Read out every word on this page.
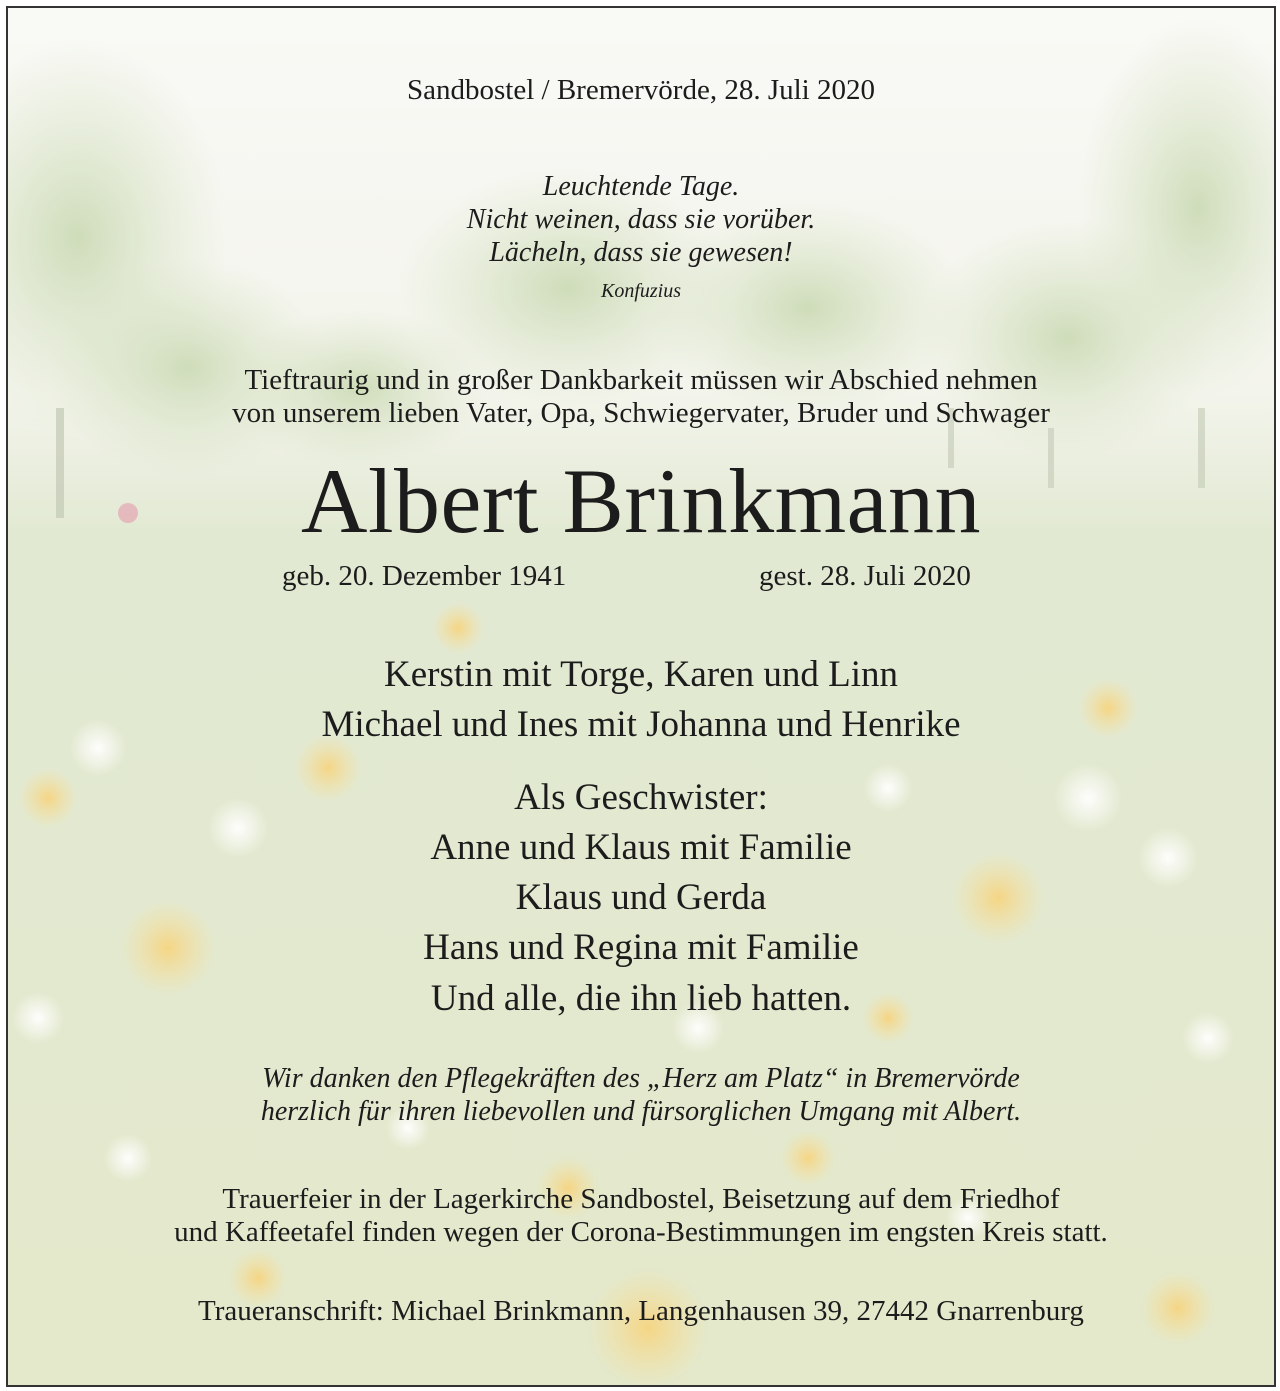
Sandbostel / Bremervörde, 28. Juli 2020
Leuchtende Tage.
Nicht weinen, dass sie vorüber.
Lächeln, dass sie gewesen!
Konfuzius
Tieftraurig und in großer Dankbarkeit müssen wir Abschied nehmen
von unserem lieben Vater, Opa, Schwiegervater, Bruder und Schwager
Albert Brinkmann
geb. 20. Dezember 1941	gest. 28. Juli 2020
Kerstin mit Torge, Karen und Linn
Michael und Ines mit Johanna und Henrike
Als Geschwister:
Anne und Klaus mit Familie
Klaus und Gerda
Hans und Regina mit Familie
Und alle, die ihn lieb hatten.
Wir danken den Pflegekräften des „Herz am Platz“ in Bremervörde
herzlich für ihren liebevollen und fürsorglichen Umgang mit Albert.
Trauerfeier in der Lagerkirche Sandbostel, Beisetzung auf dem Friedhof
und Kaffeetafel finden wegen der Corona-Bestimmungen im engsten Kreis statt.
Traueranschrift: Michael Brinkmann, Langenhausen 39, 27442 Gnarrenburg
